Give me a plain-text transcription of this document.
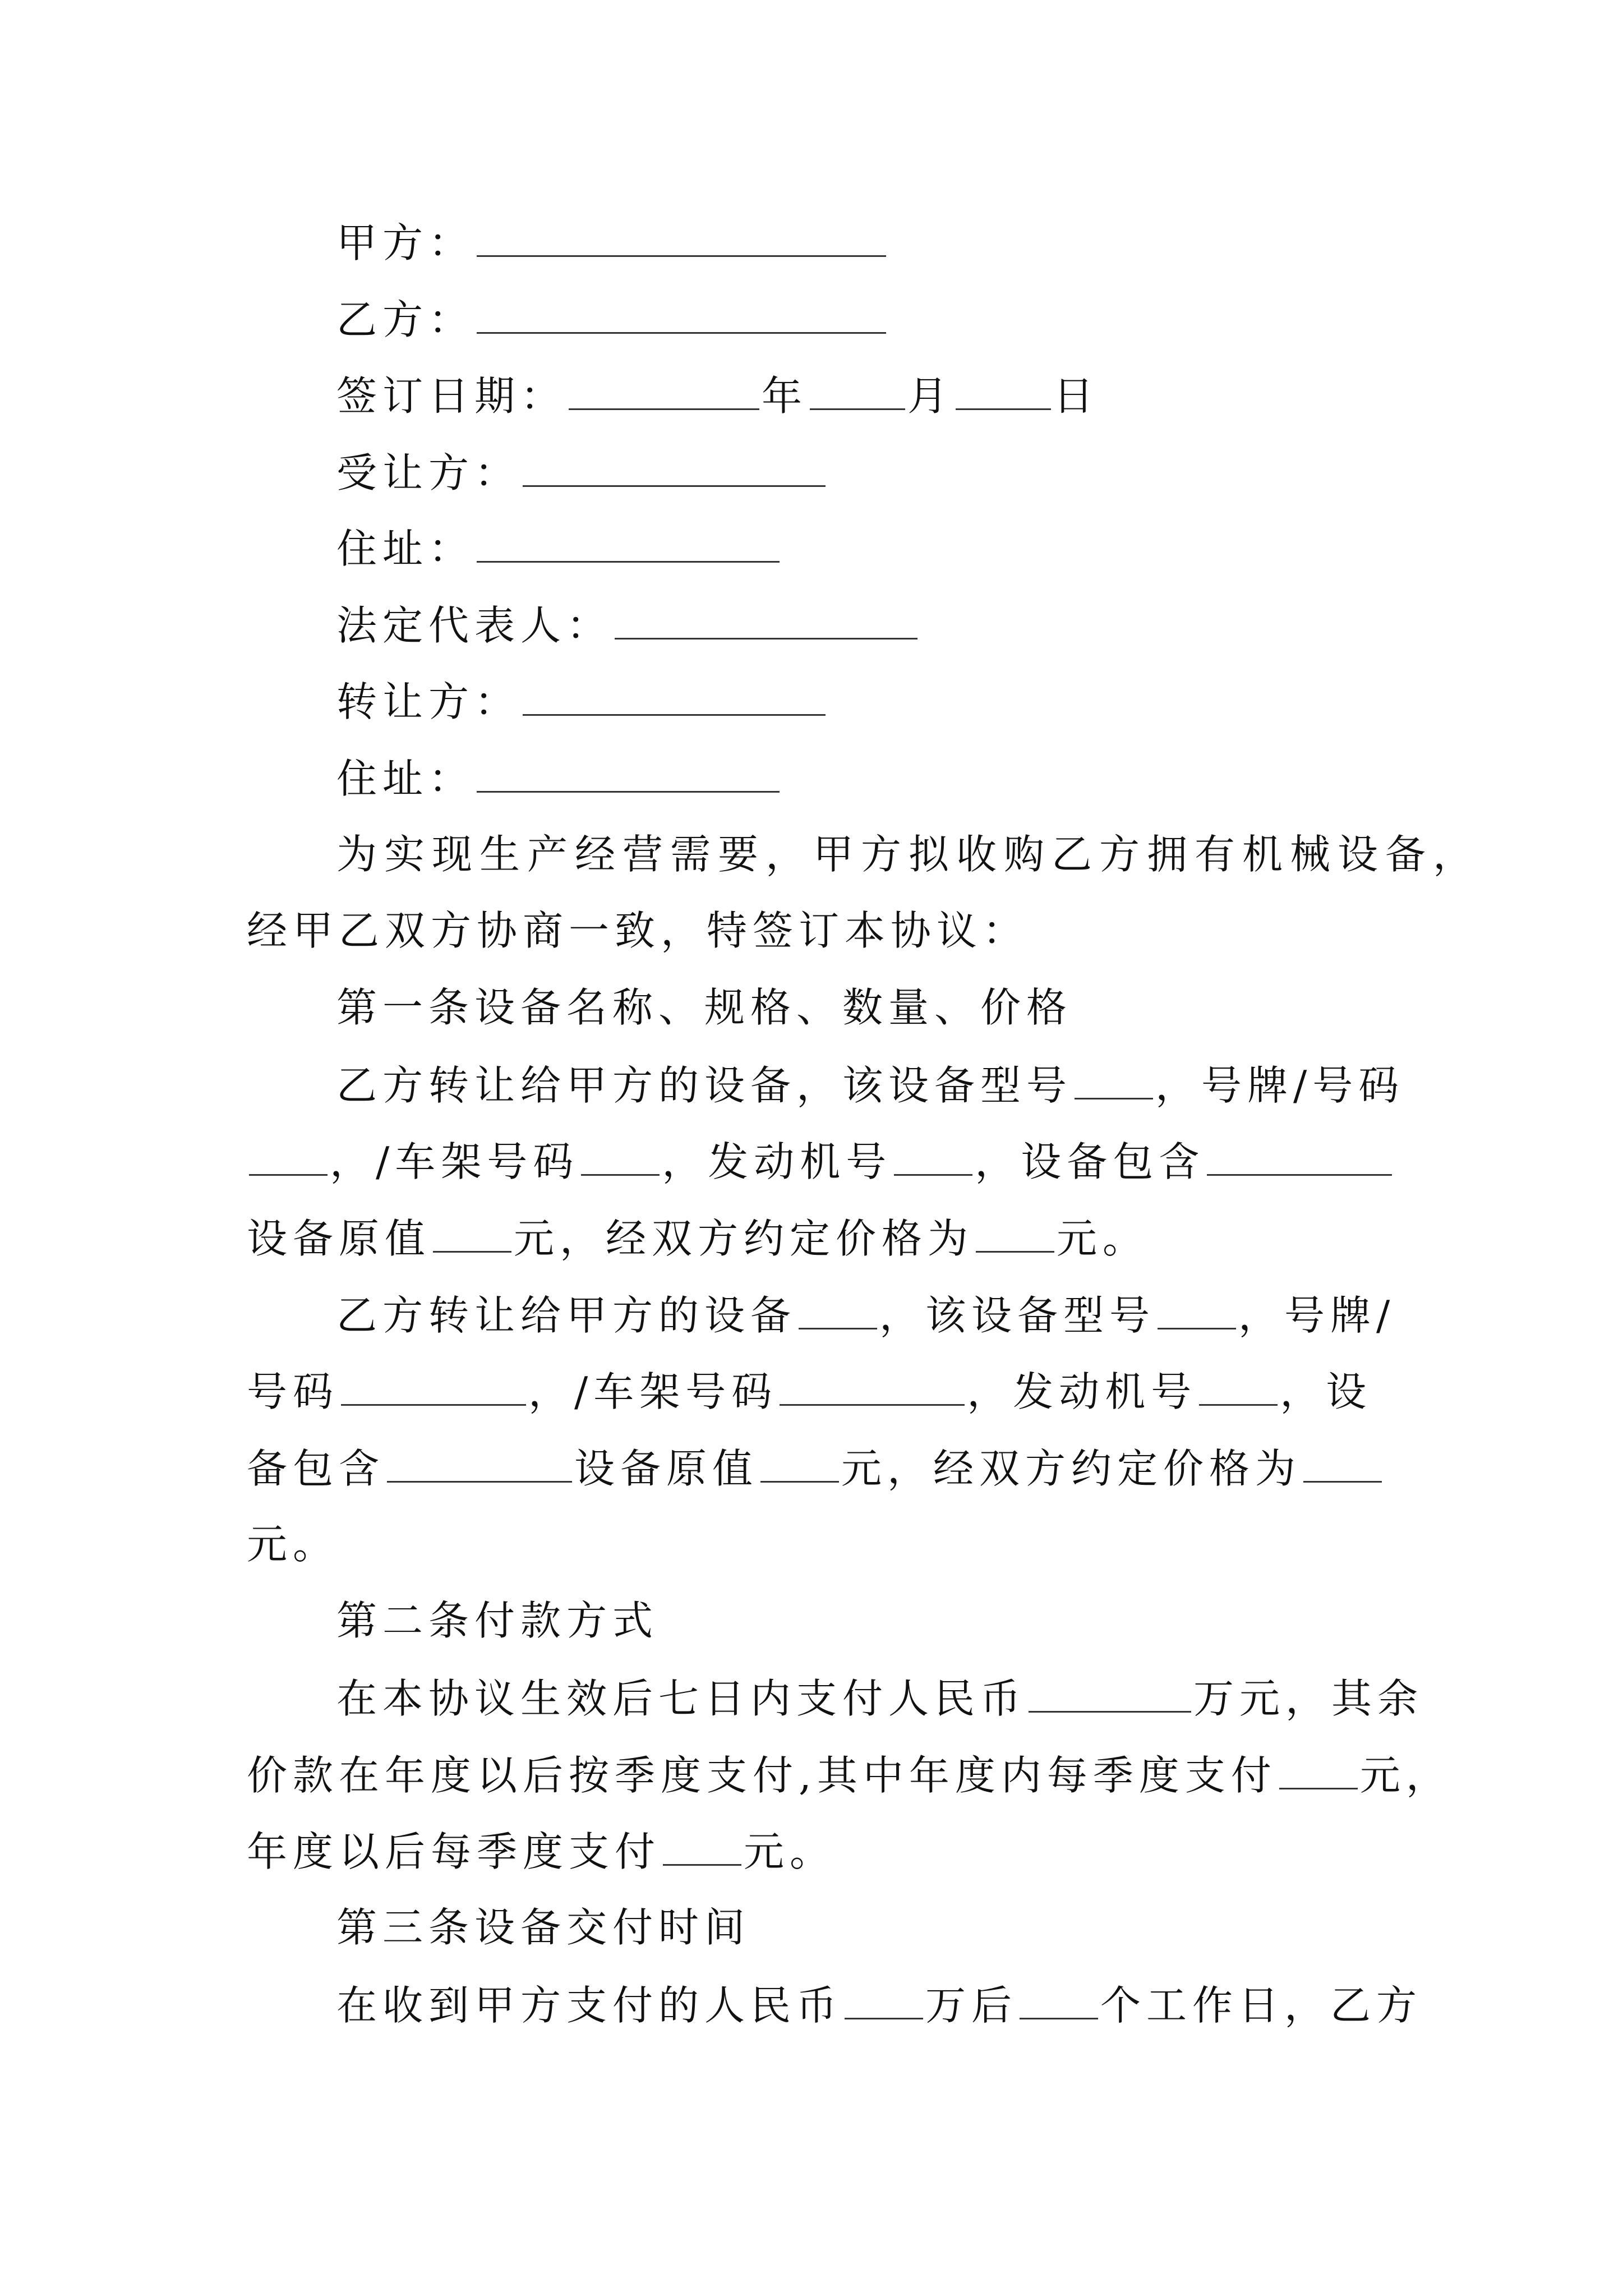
甲方：
乙方：
签订日期：	年 月 日
受让方：
住址：
法定代表人：
转让方：
住址：
为实现生产经营需要，甲方拟收购乙方拥有机械设备，
经甲乙双方协商一致，特签订本协议：
第一条设备名称、规格、数量、价格
乙方转让给甲方的设备，该设备型号 ，号牌/号码
，/车架号码 ，发动机号 ，设备包含
设备原值 元，经双方约定价格为 元。
乙方转让给甲方的设备 ，该设备型号 ，号牌/
号码	，/车架号码	，发动机号 ，设
备包含	设备原值 元，经双方约定价格为
元。
第二条付款方式
在本协议生效后七日内支付人民币	万元，其余
价款在年度以后按季度支付,其中年度内每季度支付 元，
年度以后每季度支付 元。
第三条设备交付时间
在收到甲方支付的人民币 万后 个工作日，乙方
